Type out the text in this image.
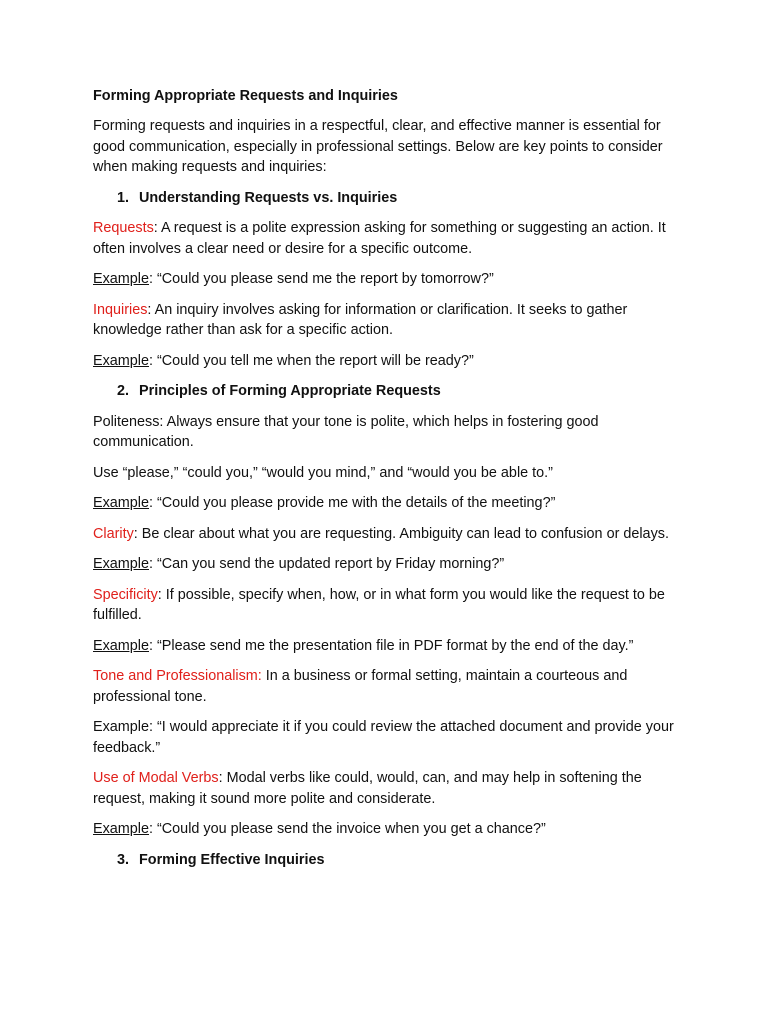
Forming Appropriate Requests and Inquiries

Forming requests and inquiries in a respectful, clear, and effective manner is essential for good communication, especially in professional settings. Below are key points to consider when making requests and inquiries:

1. Understanding Requests vs. Inquiries

Requests: A request is a polite expression asking for something or suggesting an action. It often involves a clear need or desire for a specific outcome.

Example: “Could you please send me the report by tomorrow?”

Inquiries: An inquiry involves asking for information or clarification. It seeks to gather knowledge rather than ask for a specific action.

Example: “Could you tell me when the report will be ready?”

2. Principles of Forming Appropriate Requests

Politeness: Always ensure that your tone is polite, which helps in fostering good communication.

Use “please,” “could you,” “would you mind,” and “would you be able to.”

Example: “Could you please provide me with the details of the meeting?”

Clarity: Be clear about what you are requesting. Ambiguity can lead to confusion or delays.

Example: “Can you send the updated report by Friday morning?”

Specificity: If possible, specify when, how, or in what form you would like the request to be fulfilled.

Example: “Please send me the presentation file in PDF format by the end of the day.”

Tone and Professionalism: In a business or formal setting, maintain a courteous and professional tone.

Example: “I would appreciate it if you could review the attached document and provide your feedback.”

Use of Modal Verbs: Modal verbs like could, would, can, and may help in softening the request, making it sound more polite and considerate.

Example: “Could you please send the invoice when you get a chance?”

3. Forming Effective Inquiries
